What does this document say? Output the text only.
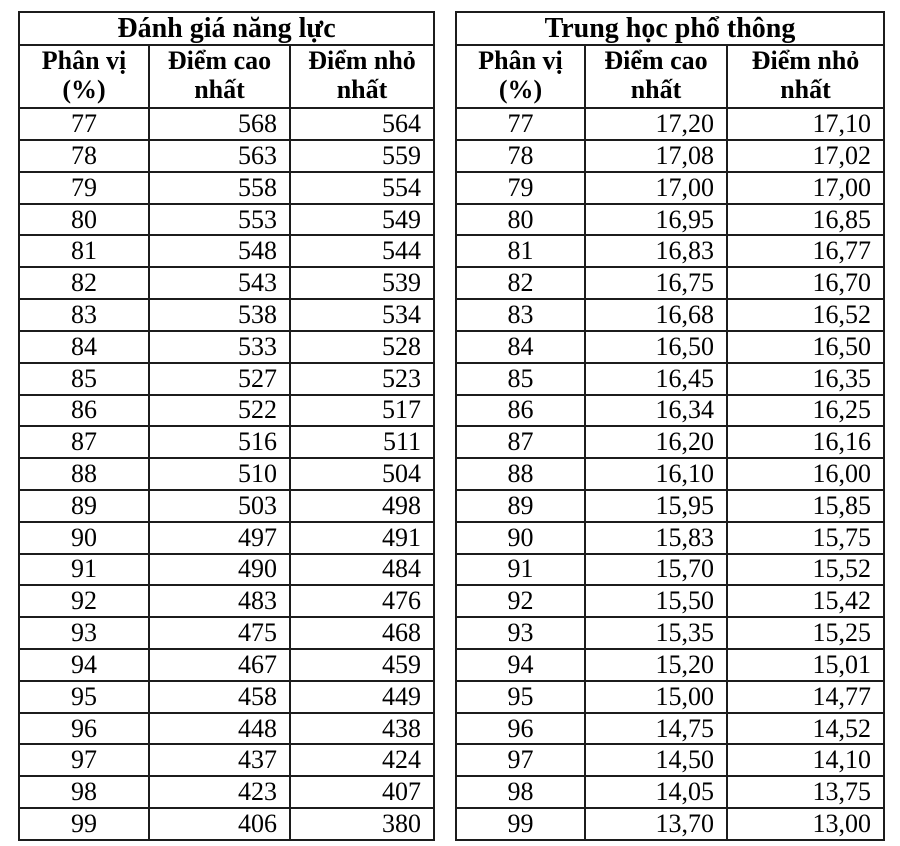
Đánh giá năng lực		

Phân vị
(%)

Điểm cao
nhất

Điểm nhỏ
nhất

77	568	564
78	563	559
79	558	554
80	553	549
81	548	544
82	543	539
83	538	534
84	533	528
85	527	523
86	522	517
87	516	511
88	510	504
89	503	498
90	497	491
91	490	484
92	483	476
93	475	468
94	467	459
95	458	449
96	448	438
97	437	424
98	423	407
99	406	380
Trung học phổ thông		

Phân vị
(%)

Điểm cao
nhất

Điểm nhỏ
nhất

77	17,20	17,10
78	17,08	17,02
79	17,00	17,00
80	16,95	16,85
81	16,83	16,77
82	16,75	16,70
83	16,68	16,52
84	16,50	16,50
85	16,45	16,35
86	16,34	16,25
87	16,20	16,16
88	16,10	16,00
89	15,95	15,85
90	15,83	15,75
91	15,70	15,52
92	15,50	15,42
93	15,35	15,25
94	15,20	15,01
95	15,00	14,77
96	14,75	14,52
97	14,50	14,10
98	14,05	13,75
99	13,70	13,00
